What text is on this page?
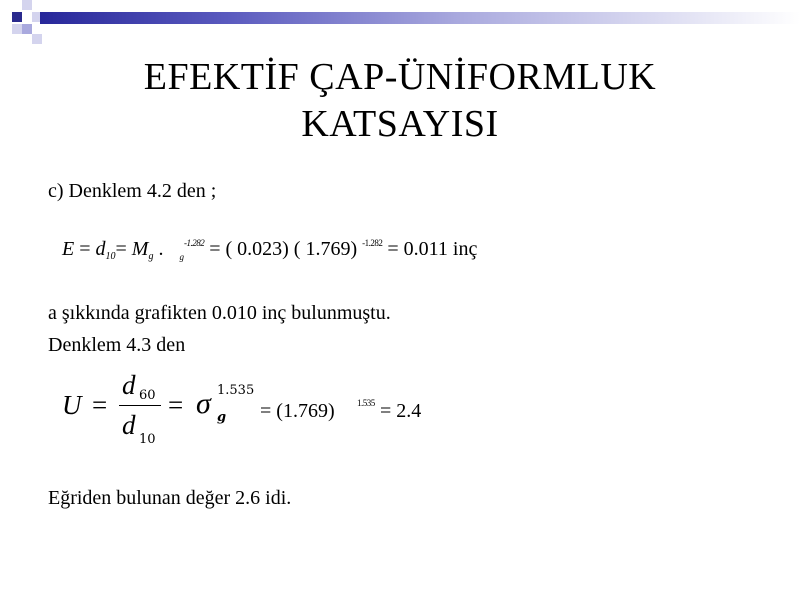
EFEKTİF ÇAP-ÜNİFORMLUK
KATSAYISI
c) Denklem 4.2 den ;
$E = d_{10}= M_g$ . $_g^{-1.282}$ = ( 0.023) ( 1.769) $^{-1.282}$ = 0.011 inç
a şıkkında grafikten 0.010 inç bulunmuştu.
Denklem 4.3 den
U =
d 60
d 10
= σ g
1.535
= (1.769) 1.535 = 2.4
Eğriden bulunan değer 2.6 idi.
